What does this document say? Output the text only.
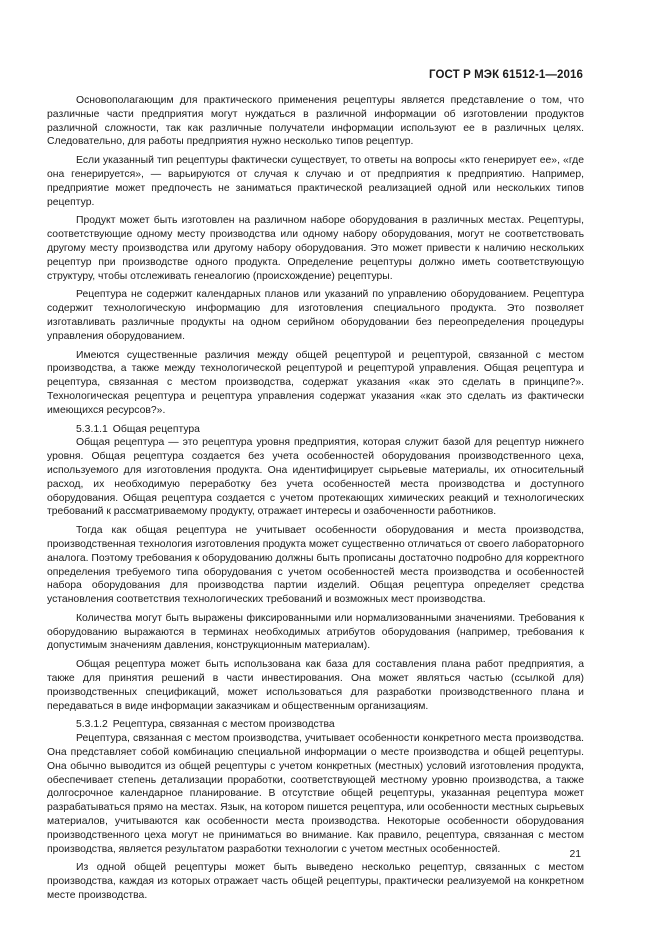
ГОСТ Р МЭК 61512-1—2016

Основополагающим для практического применения рецептуры является представление о том, что различные части предприятия могут нуждаться в различной информации об изготовлении продуктов различной сложности, так как различные получатели информации используют ее в различных целях. Следовательно, для работы предприятия нужно несколько типов рецептур.

Если указанный тип рецептуры фактически существует, то ответы на вопросы «кто генерирует ее», «где она генерируется», — варьируются от случая к случаю и от предприятия к предприятию. Например, предприятие может предпочесть не заниматься практической реализацией одной или нескольких типов рецептур.

Продукт может быть изготовлен на различном наборе оборудования в различных местах. Рецептуры, соответствующие одному месту производства или одному набору оборудования, могут не соответствовать другому месту производства или другому набору оборудования. Это может привести к наличию нескольких рецептур при производстве одного продукта. Определение рецептуры должно иметь соответствующую структуру, чтобы отслеживать генеалогию (происхождение) рецептуры.

Рецептура не содержит календарных планов или указаний по управлению оборудованием. Рецептура содержит технологическую информацию для изготовления специального продукта. Это позволяет изготавливать различные продукты на одном серийном оборудовании без переопределения процедуры управления оборудованием.

Имеются существенные различия между общей рецептурой и рецептурой, связанной с местом производства, а также между технологической рецептурой и рецептурой управления. Общая рецептура и рецептура, связанная с местом производства, содержат указания «как это сделать в принципе?». Технологическая рецептура и рецептура управления содержат указания «как это сделать из фактически имеющихся ресурсов?».

5.3.1.1 Общая рецептура

Общая рецептура — это рецептура уровня предприятия, которая служит базой для рецептур нижнего уровня. Общая рецептура создается без учета особенностей оборудования производственного цеха, используемого для изготовления продукта. Она идентифицирует сырьевые материалы, их относительный расход, их необходимую переработку без учета особенностей места производства и доступного оборудования. Общая рецептура создается с учетом протекающих химических реакций и технологических требований к рассматриваемому продукту, отражает интересы и озабоченности работников.

Тогда как общая рецептура не учитывает особенности оборудования и места производства, производственная технология изготовления продукта может существенно отличаться от своего лабораторного аналога. Поэтому требования к оборудованию должны быть прописаны достаточно подробно для корректного определения требуемого типа оборудования с учетом особенностей места производства и особенностей набора оборудования для производства партии изделий. Общая рецептура определяет средства установления соответствия технологических требований и возможных мест производства.

Количества могут быть выражены фиксированными или нормализованными значениями. Требования к оборудованию выражаются в терминах необходимых атрибутов оборудования (например, требования к допустимым значениям давления, конструкционным материалам).

Общая рецептура может быть использована как база для составления плана работ предприятия, а также для принятия решений в части инвестирования. Она может являться частью (ссылкой для) производственных спецификаций, может использоваться для разработки производственного плана и передаваться в виде информации заказчикам и общественным организациям.

5.3.1.2 Рецептура, связанная с местом производства

Рецептура, связанная с местом производства, учитывает особенности конкретного места производства. Она представляет собой комбинацию специальной информации о месте производства и общей рецептуры. Она обычно выводится из общей рецептуры с учетом конкретных (местных) условий изготовления продукта, обеспечивает степень детализации проработки, соответствующей местному уровню производства, а также долгосрочное календарное планирование. В отсутствие общей рецептуры, указанная рецептура может разрабатываться прямо на местах. Язык, на котором пишется рецептура, или особенности местных сырьевых материалов, учитываются как особенности места производства. Некоторые особенности оборудования производственного цеха могут не приниматься во внимание. Как правило, рецептура, связанная с местом производства, является результатом разработки технологии с учетом местных особенностей.

Из одной общей рецептуры может быть выведено несколько рецептур, связанных с местом производства, каждая из которых отражает часть общей рецептуры, практически реализуемой на конкретном месте производства.

21
